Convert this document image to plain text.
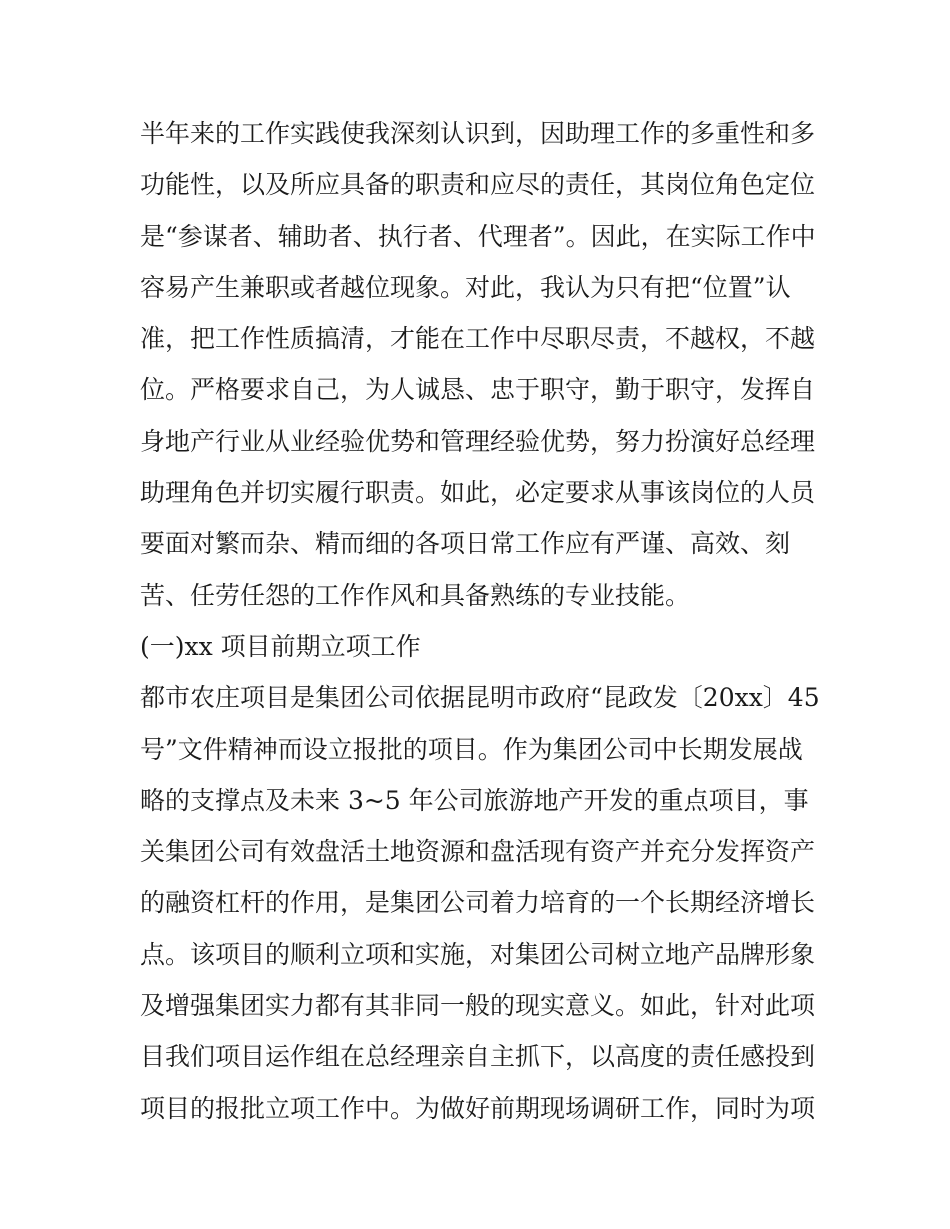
半年来的工作实践使我深刻认识到，因助理工作的多重性和多
功能性，以及所应具备的职责和应尽的责任，其岗位角色定位
是“参谋者、辅助者、执行者、代理者”。因此，在实际工作中
容易产生兼职或者越位现象。对此，我认为只有把“位置”认
准，把工作性质搞清，才能在工作中尽职尽责，不越权，不越
位。严格要求自己，为人诚恳、忠于职守，勤于职守，发挥自
身地产行业从业经验优势和管理经验优势，努力扮演好总经理
助理角色并切实履行职责。如此，必定要求从事该岗位的人员
要面对繁而杂、精而细的各项日常工作应有严谨、高效、刻
苦、任劳任怨的工作作风和具备熟练的专业技能。
(一)xx 项目前期立项工作
都市农庄项目是集团公司依据昆明市政府“昆政发〔20xx〕45
号”文件精神而设立报批的项目。作为集团公司中长期发展战
略的支撑点及未来 3~5 年公司旅游地产开发的重点项目，事
关集团公司有效盘活土地资源和盘活现有资产并充分发挥资产
的融资杠杆的作用，是集团公司着力培育的一个长期经济增长
点。该项目的顺利立项和实施，对集团公司树立地产品牌形象
及增强集团实力都有其非同一般的现实意义。如此，针对此项
目我们项目运作组在总经理亲自主抓下，以高度的责任感投到
项目的报批立项工作中。为做好前期现场调研工作，同时为项
